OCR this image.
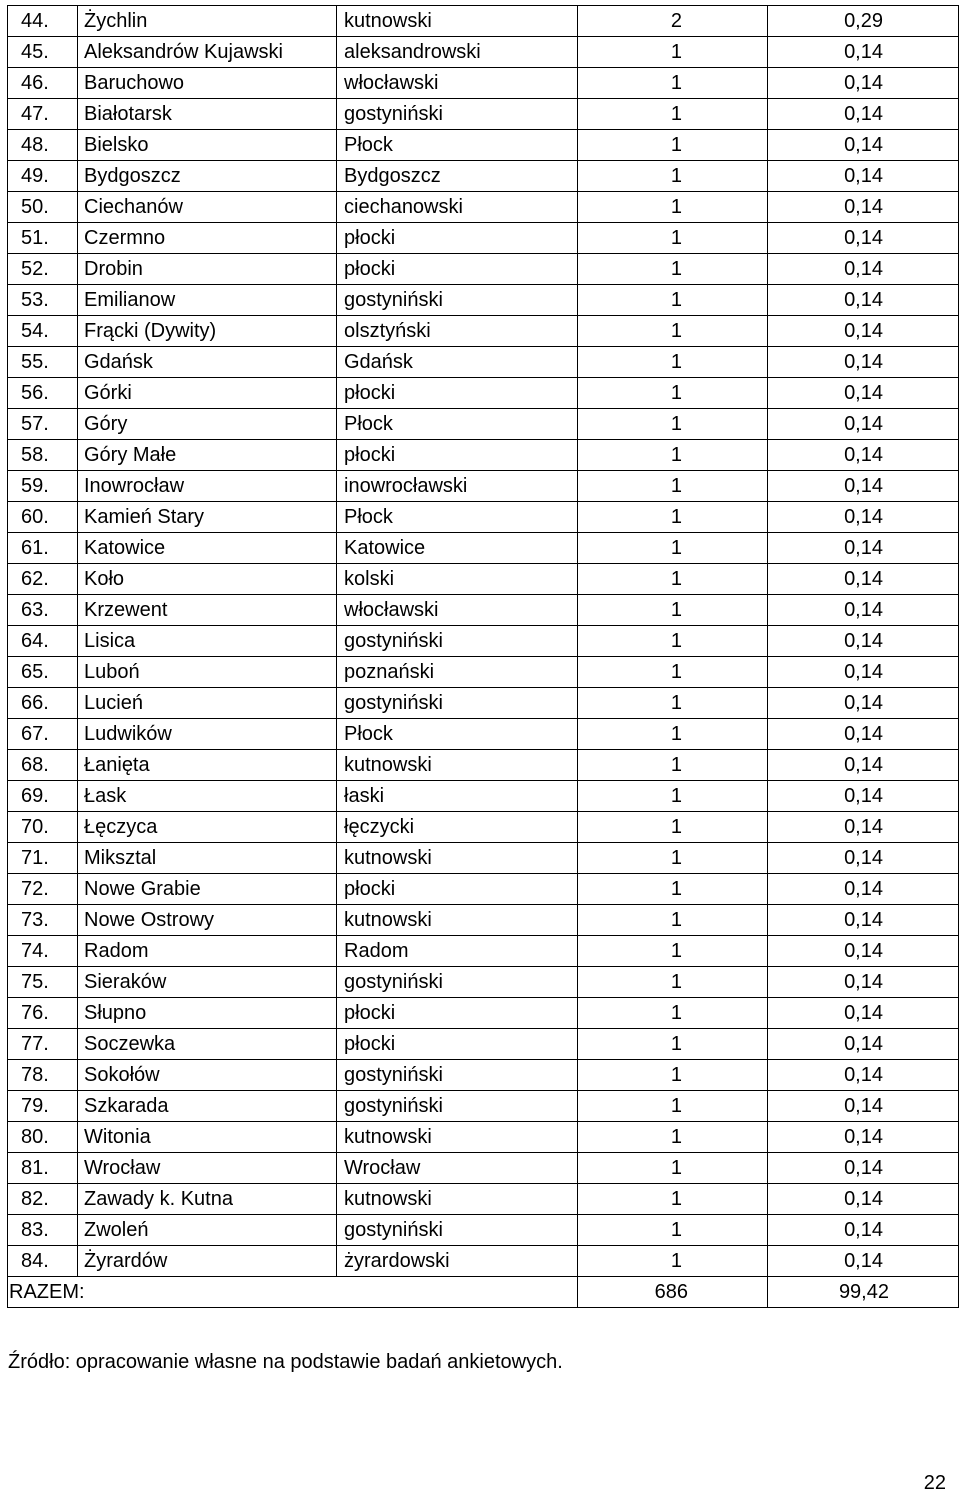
44.	Żychlin	kutnowski	2	0,29
45.	Aleksandrów Kujawski	aleksandrowski	1	0,14
46.	Baruchowo	włocławski	1	0,14
47.	Białotarsk	gostyniński	1	0,14
48.	Bielsko	Płock	1	0,14
49.	Bydgoszcz	Bydgoszcz	1	0,14
50.	Ciechanów	ciechanowski	1	0,14
51.	Czermno	płocki	1	0,14
52.	Drobin	płocki	1	0,14
53.	Emilianow	gostyniński	1	0,14
54.	Frącki (Dywity)	olsztyński	1	0,14
55.	Gdańsk	Gdańsk	1	0,14
56.	Górki	płocki	1	0,14
57.	Góry	Płock	1	0,14
58.	Góry Małe	płocki	1	0,14
59.	Inowrocław	inowrocławski	1	0,14
60.	Kamień Stary	Płock	1	0,14
61.	Katowice	Katowice	1	0,14
62.	Koło	kolski	1	0,14
63.	Krzewent	włocławski	1	0,14
64.	Lisica	gostyniński	1	0,14
65.	Luboń	poznański	1	0,14
66.	Lucień	gostyniński	1	0,14
67.	Ludwików	Płock	1	0,14
68.	Łanięta	kutnowski	1	0,14
69.	Łask	łaski	1	0,14
70.	Łęczyca	łęczycki	1	0,14
71.	Miksztal	kutnowski	1	0,14
72.	Nowe Grabie	płocki	1	0,14
73.	Nowe Ostrowy	kutnowski	1	0,14
74.	Radom	Radom	1	0,14
75.	Sieraków	gostyniński	1	0,14
76.	Słupno	płocki	1	0,14
77.	Soczewka	płocki	1	0,14
78.	Sokołów	gostyniński	1	0,14
79.	Szkarada	gostyniński	1	0,14
80.	Witonia	kutnowski	1	0,14
81.	Wrocław	Wrocław	1	0,14
82.	Zawady k. Kutna	kutnowski	1	0,14
83.	Zwoleń	gostyniński	1	0,14
84.	Żyrardów	żyrardowski	1	0,14
RAZEM:			686	99,42
Źródło: opracowanie własne na podstawie badań ankietowych.
22
